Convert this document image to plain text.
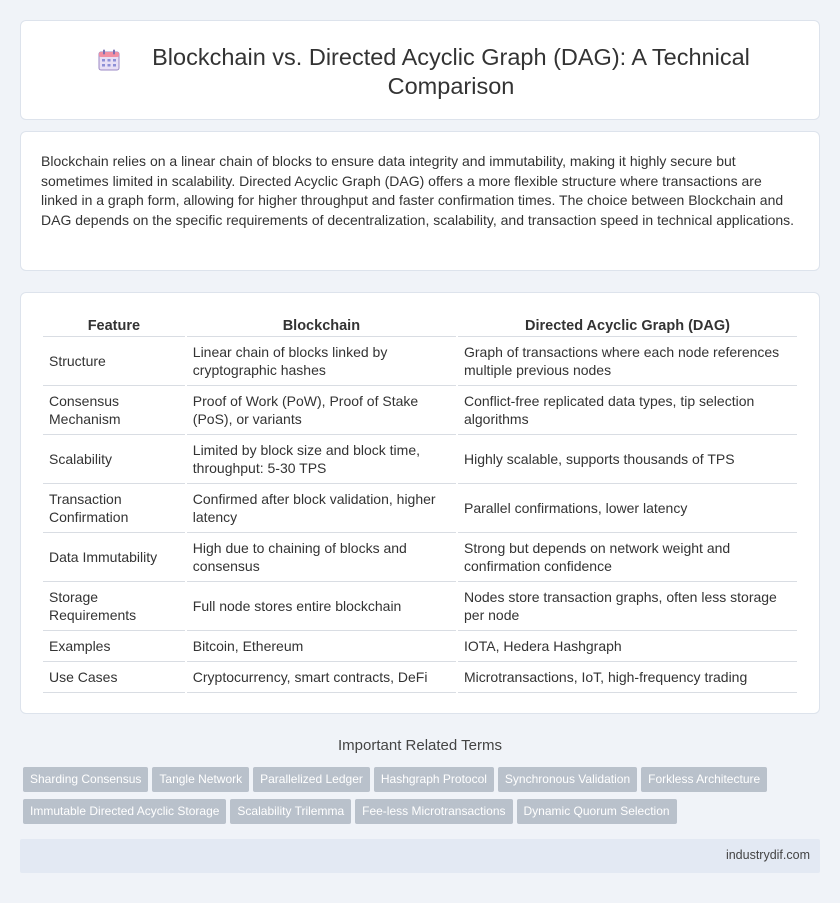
Blockchain vs. Directed Acyclic Graph (DAG): A Technical Comparison

Blockchain relies on a linear chain of blocks to ensure data integrity and immutability, making it highly secure but sometimes limited in scalability. Directed Acyclic Graph (DAG) offers a more flexible structure where transactions are linked in a graph form, allowing for higher throughput and faster confirmation times. The choice between Blockchain and DAG depends on the specific requirements of decentralization, scalability, and transaction speed in technical applications.

Feature	Blockchain	Directed Acyclic Graph (DAG)
Structure	Linear chain of blocks linked by cryptographic hashes	Graph of transactions where each node references multiple previous nodes
Consensus Mechanism	Proof of Work (PoW), Proof of Stake (PoS), or variants	Conflict-free replicated data types, tip selection algorithms
Scalability	Limited by block size and block time, throughput: 5-30 TPS	Highly scalable, supports thousands of TPS
Transaction Confirmation	Confirmed after block validation, higher latency	Parallel confirmations, lower latency
Data Immutability	High due to chaining of blocks and consensus	Strong but depends on network weight and confirmation confidence
Storage Requirements	Full node stores entire blockchain	Nodes store transaction graphs, often less storage per node
Examples	Bitcoin, Ethereum	IOTA, Hedera Hashgraph
Use Cases	Cryptocurrency, smart contracts, DeFi	Microtransactions, IoT, high-frequency trading
Important Related Terms
Sharding Consensus Tangle Network Parallelized Ledger Hashgraph Protocol Synchronous Validation Forkless ArchitectureImmutable Directed Acyclic Storage Scalability Trilemma Fee-less Microtransactions Dynamic Quorum Selection
industrydif.com
